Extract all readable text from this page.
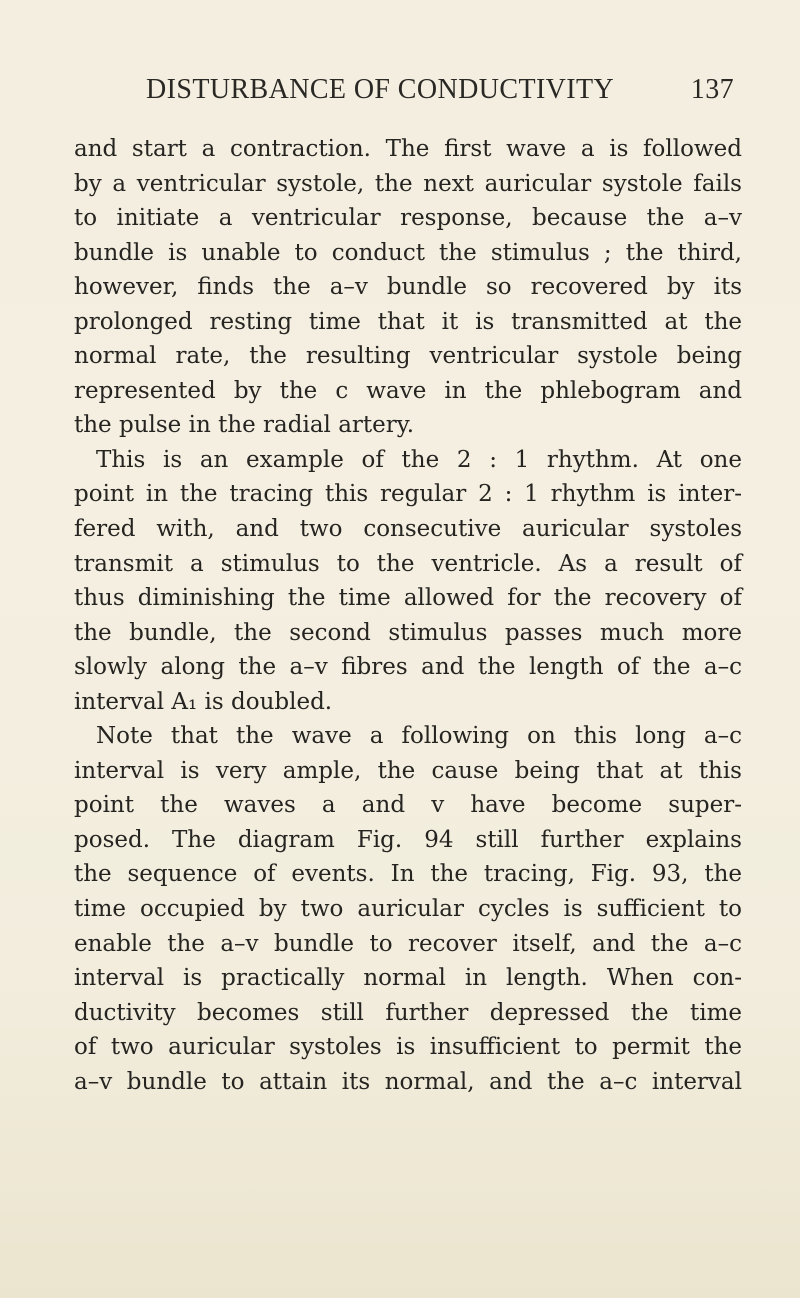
DISTURBANCE OF CONDUCTIVITY	137
and start a contraction. The first wave a is followed
by a ventricular systole, the next auricular systole fails
to initiate a ventricular response, because the a–v
bundle is unable to conduct the stimulus ; the third,
however, finds the a–v bundle so recovered by its
prolonged resting time that it is transmitted at the
normal rate, the resulting ventricular systole being
represented by the c wave in the phlebogram and
the pulse in the radial artery.
This is an example of the 2 : 1 rhythm. At one
point in the tracing this regular 2 : 1 rhythm is inter-
fered with, and two consecutive auricular systoles
transmit a stimulus to the ventricle. As a result of
thus diminishing the time allowed for the recovery of
the bundle, the second stimulus passes much more
slowly along the a–v fibres and the length of the a–c
interval A₁ is doubled.
Note that the wave a following on this long a–c
interval is very ample, the cause being that at this
point the waves a and v have become super-
posed. The diagram Fig. 94 still further explains
the sequence of events. In the tracing, Fig. 93, the
time occupied by two auricular cycles is sufficient to
enable the a–v bundle to recover itself, and the a–c
interval is practically normal in length. When con-
ductivity becomes still further depressed the time
of two auricular systoles is insufficient to permit the
a–v bundle to attain its normal, and the a–c interval
